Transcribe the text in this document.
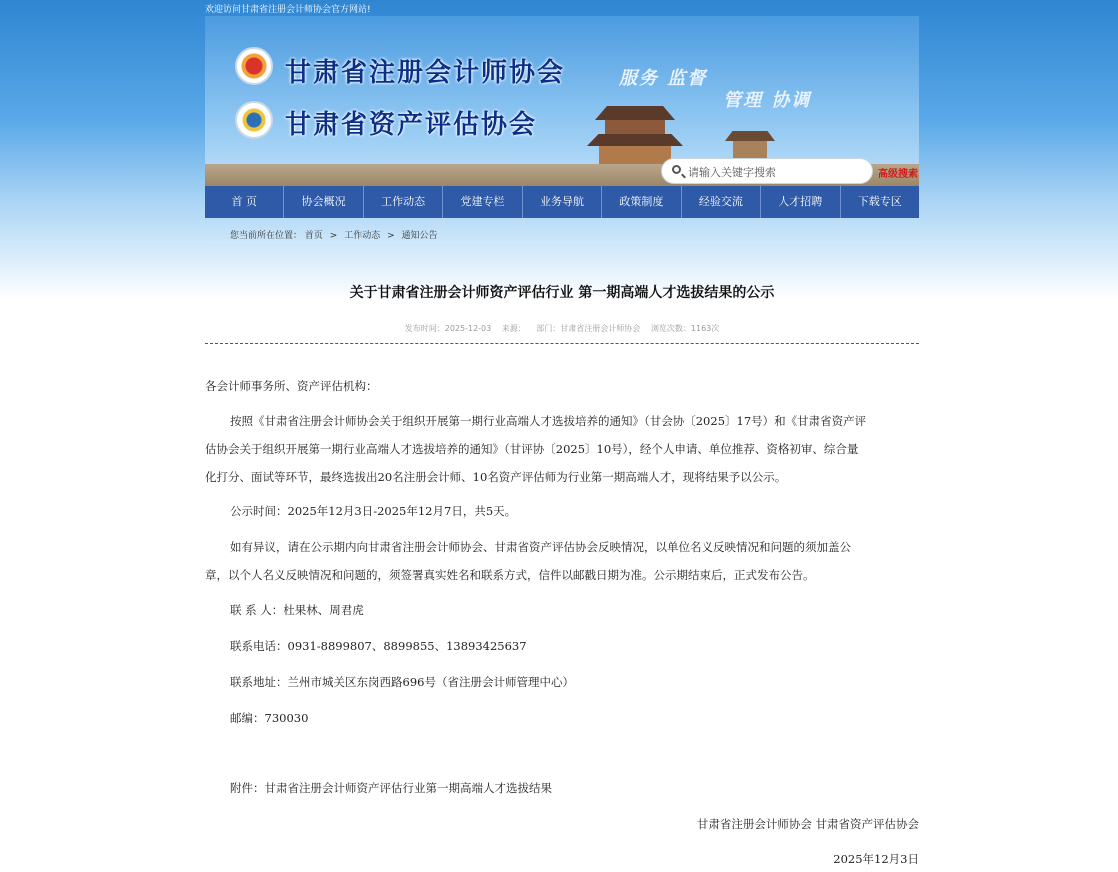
欢迎访问甘肃省注册会计师协会官方网站!
甘肃省注册会计师协会
甘肃省资产评估协会
服务 监督
管理 协调
请输入关键字搜索
高级搜索
首 页	协会概况	工作动态	党建专栏	业务导航	政策制度	经验交流	人才招聘	下载专区
您当前所在位置： 首页 > 工作动态 > 通知公告
关于甘肃省注册会计师资产评估行业 第一期高端人才选拔结果的公示
发布时间：2025-12-03 来源： 部门：甘肃省注册会计师协会 浏览次数：1163次
各会计师事务所、资产评估机构：
按照《甘肃省注册会计师协会关于组织开展第一期行业高端人才选拔培养的通知》（甘会协〔2025〕17号）和《甘肃省资产评
估协会关于组织开展第一期行业高端人才选拔培养的通知》（甘评协〔2025〕10号），经个人申请、单位推荐、资格初审、综合量
化打分、面试等环节，最终选拔出20名注册会计师、10名资产评估师为行业第一期高端人才，现将结果予以公示。
公示时间：2025年12月3日-2025年12月7日，共5天。
如有异议，请在公示期内向甘肃省注册会计师协会、甘肃省资产评估协会反映情况，以单位名义反映情况和问题的须加盖公
章，以个人名义反映情况和问题的，须签署真实姓名和联系方式，信件以邮戳日期为准。公示期结束后，正式发布公告。
联 系 人：杜果林、周君虎
联系电话：0931-8899807、8899855、13893425637
联系地址：兰州市城关区东岗西路696号（省注册会计师管理中心）
邮编：730030
附件：甘肃省注册会计师资产评估行业第一期高端人才选拔结果
甘肃省注册会计师协会 甘肃省资产评估协会
2025年12月3日
